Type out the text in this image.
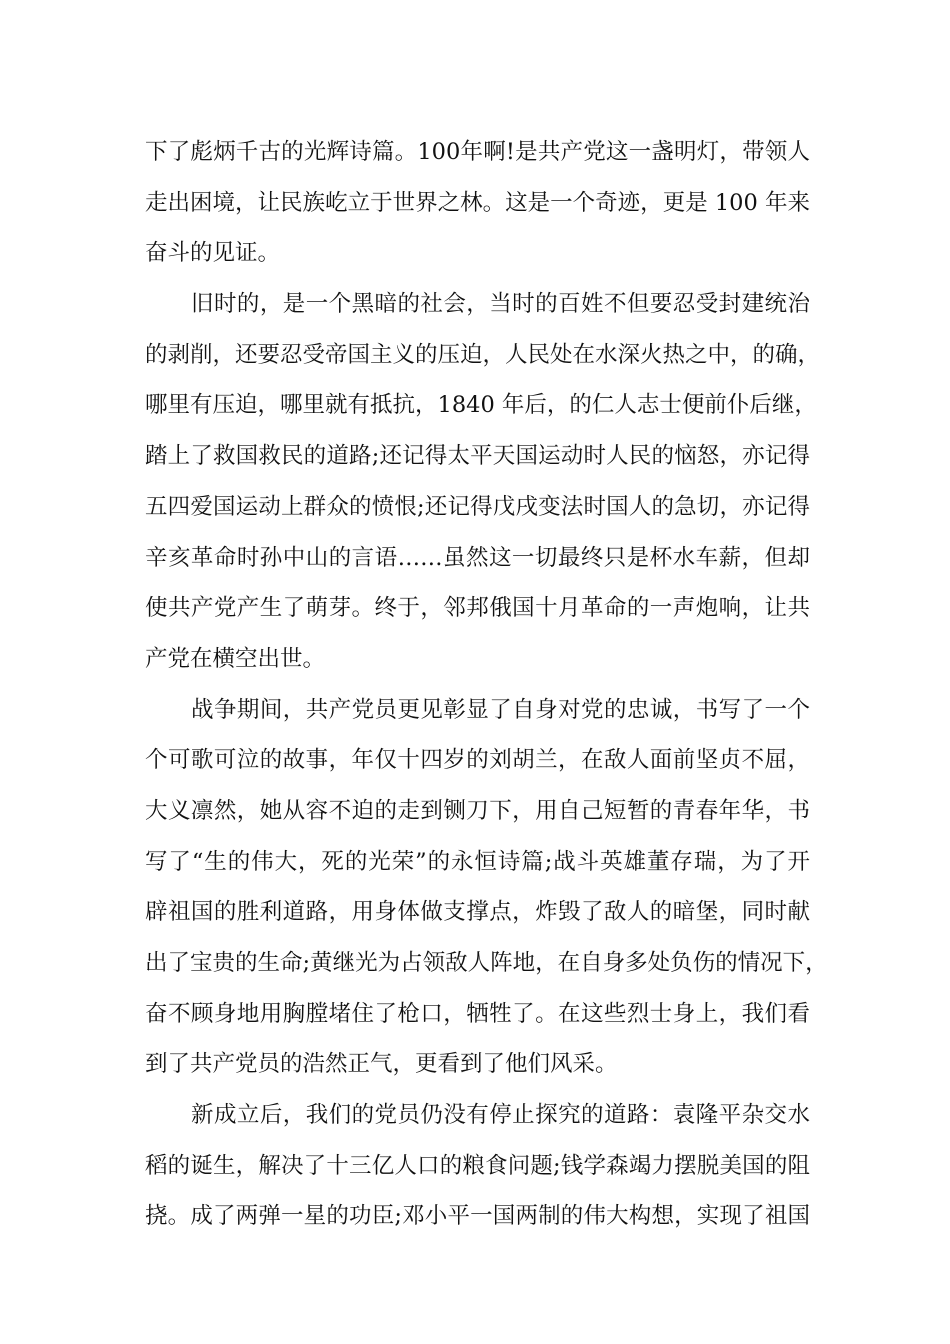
下了彪炳千古的光辉诗篇。100年啊!是共产党这一盏明灯，带领人
走出困境，让民族屹立于世界之林。这是一个奇迹，更是 100 年来
奋斗的见证。
旧时的，是一个黑暗的社会，当时的百姓不但要忍受封建统治
的剥削，还要忍受帝国主义的压迫，人民处在水深火热之中，的确，
哪里有压迫，哪里就有抵抗，1840 年后，的仁人志士便前仆后继，
踏上了救国救民的道路;还记得太平天国运动时人民的恼怒，亦记得
五四爱国运动上群众的愤恨;还记得戊戌变法时国人的急切，亦记得
辛亥革命时孙中山的言语……虽然这一切最终只是杯水车薪，但却
使共产党产生了萌芽。终于，邻邦俄国十月革命的一声炮响，让共
产党在横空出世。
战争期间，共产党员更见彰显了自身对党的忠诚，书写了一个
个可歌可泣的故事，年仅十四岁的刘胡兰，在敌人面前坚贞不屈，
大义凛然，她从容不迫的走到铡刀下，用自己短暂的青春年华，书
写了“生的伟大，死的光荣”的永恒诗篇;战斗英雄董存瑞，为了开
辟祖国的胜利道路，用身体做支撑点，炸毁了敌人的暗堡，同时献
出了宝贵的生命;黄继光为占领敌人阵地，在自身多处负伤的情况下，
奋不顾身地用胸膛堵住了枪口，牺牲了。在这些烈士身上，我们看
到了共产党员的浩然正气，更看到了他们风采。
新成立后，我们的党员仍没有停止探究的道路：袁隆平杂交水
稻的诞生，解决了十三亿人口的粮食问题;钱学森竭力摆脱美国的阻
挠。成了两弹一星的功臣;邓小平一国两制的伟大构想，实现了祖国
